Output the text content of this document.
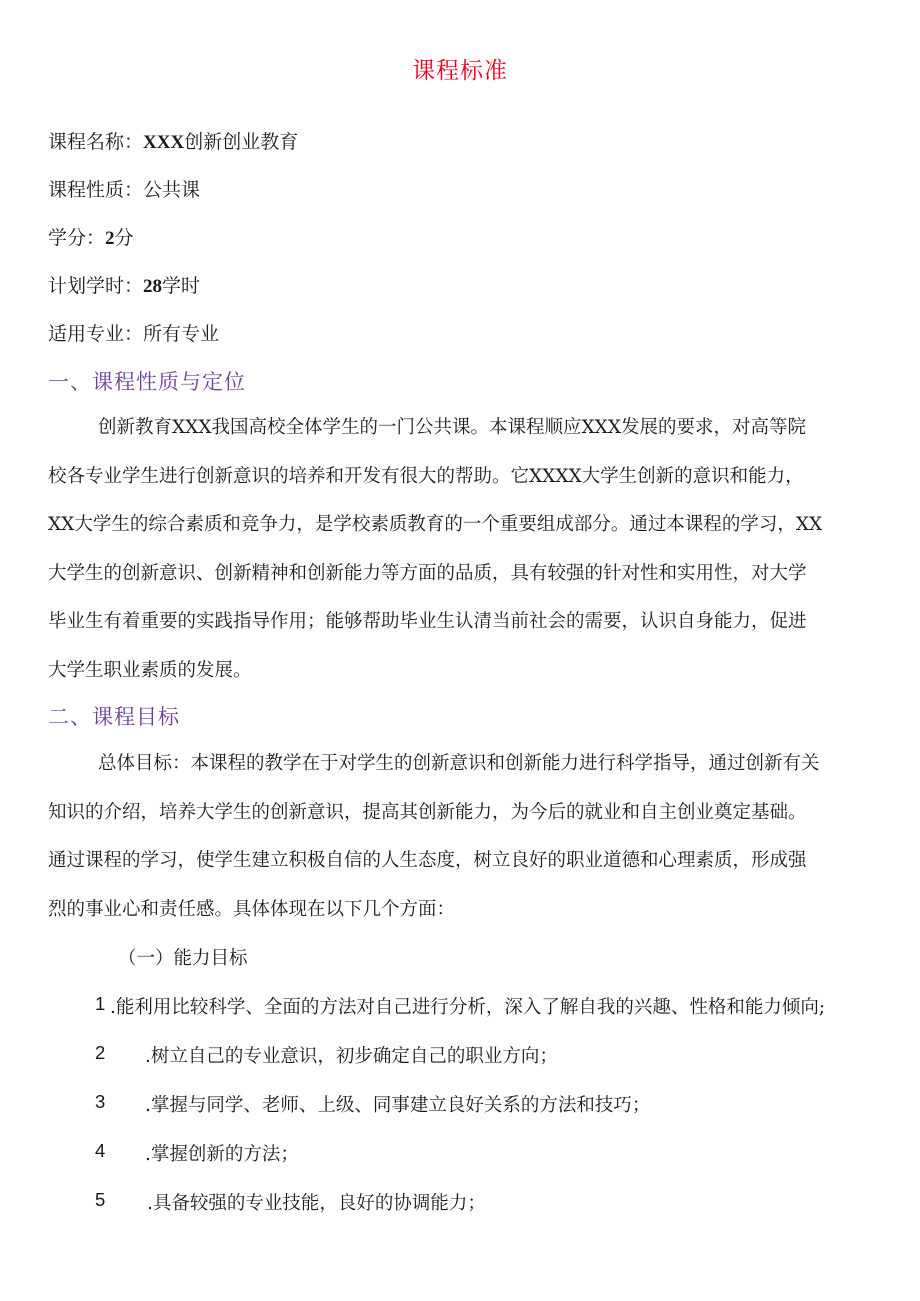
课程标准
课程名称：XXX创新创业教育
课程性质：公共课
学分：2分
计划学时：28学时
适用专业：所有专业
一、课程性质与定位
创新教育XXX我国高校全体学生的一门公共课。本课程顺应XXX发展的要求，对高等院
校各专业学生进行创新意识的培养和开发有很大的帮助。它XXXX大学生创新的意识和能力，
XX大学生的综合素质和竞争力，是学校素质教育的一个重要组成部分。通过本课程的学习，XX
大学生的创新意识、创新精神和创新能力等方面的品质，具有较强的针对性和实用性，对大学
毕业生有着重要的实践指导作用；能够帮助毕业生认清当前社会的需要，认识自身能力，促进
大学生职业素质的发展。
二、课程目标
总体目标：本课程的教学在于对学生的创新意识和创新能力进行科学指导，通过创新有关
知识的介绍，培养大学生的创新意识，提高其创新能力，为今后的就业和自主创业奠定基础。
通过课程的学习，使学生建立积极自信的人生态度，树立良好的职业道德和心理素质，形成强
烈的事业心和责任感。具体体现在以下几个方面：
（一）能力目标
1 .能利用比较科学、全面的方法对自己进行分析，深入了解自我的兴趣、性格和能力倾向;
2 .树立自己的专业意识，初步确定自己的职业方向；
3 .掌握与同学、老师、上级、同事建立良好关系的方法和技巧；
4 .掌握创新的方法；
5 .具备较强的专业技能，良好的协调能力；
